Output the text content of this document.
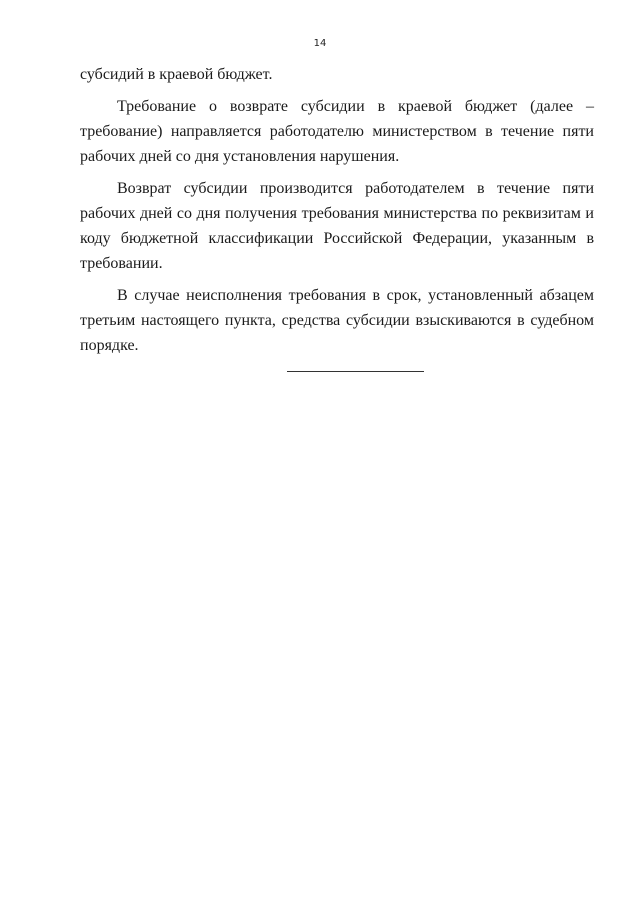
14

субсидий в краевой бюджет.

Требование о возврате субсидии в краевой бюджет (далее – требование) направляется работодателю министерством в течение пяти рабочих дней со дня установления нарушения.

Возврат субсидии производится работодателем в течение пяти рабочих дней со дня получения требования министерства по реквизитам и коду бюджетной классификации Российской Федерации, указанным в требовании.

В случае неисполнения требования в срок, установленный абзацем третьим настоящего пункта, средства субсидии взыскиваются в судебном порядке.
